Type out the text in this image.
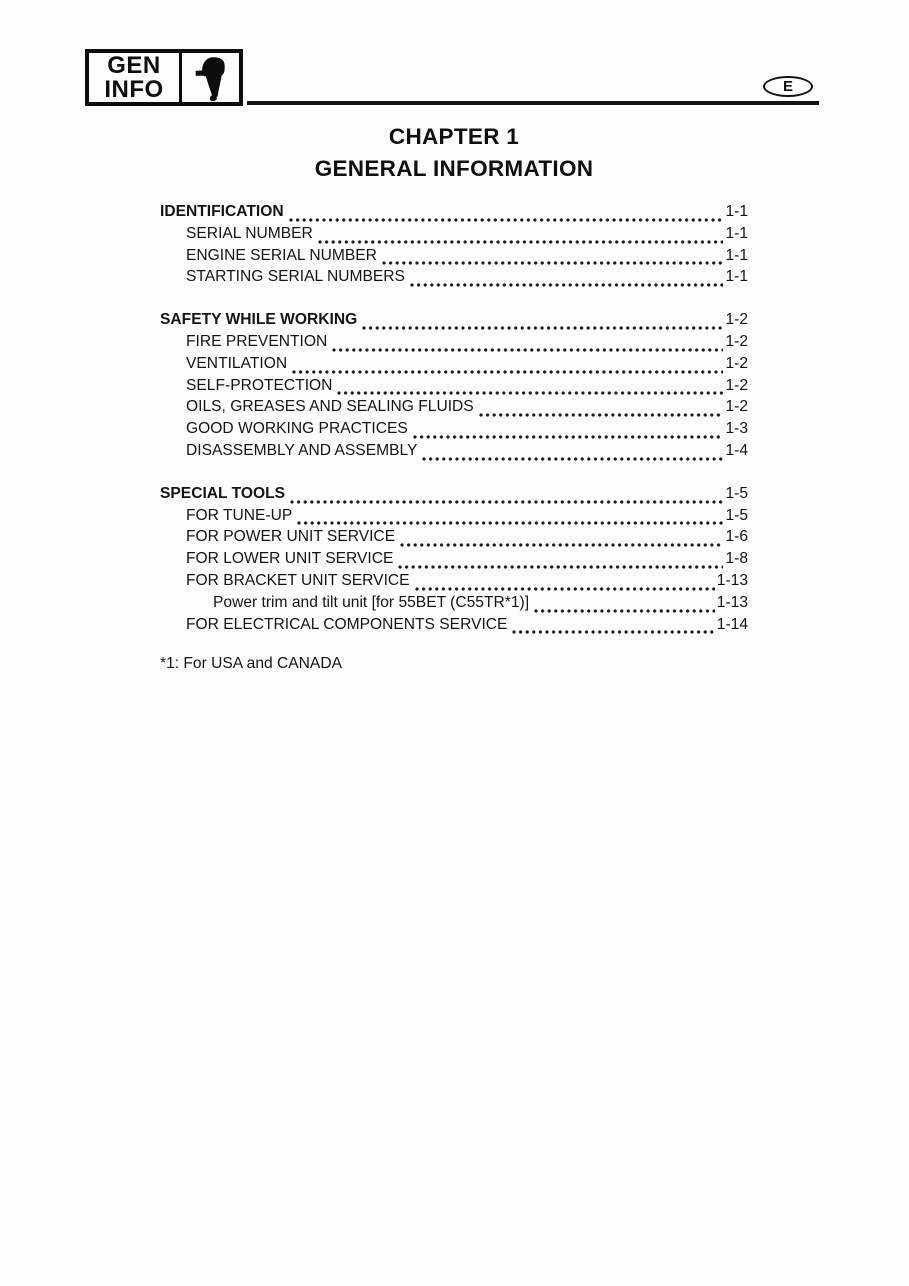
GEN
INFO	E
CHAPTER 1
GENERAL INFORMATION
IDENTIFICATION	1-1
SERIAL NUMBER	1-1
ENGINE SERIAL NUMBER	1-1
STARTING SERIAL NUMBERS	1-1
SAFETY WHILE WORKING	1-2
FIRE PREVENTION	1-2
VENTILATION	1-2
SELF-PROTECTION	1-2
OILS, GREASES AND SEALING FLUIDS	1-2
GOOD WORKING PRACTICES	1-3
DISASSEMBLY AND ASSEMBLY	1-4
SPECIAL TOOLS	1-5
FOR TUNE-UP	1-5
FOR POWER UNIT SERVICE	1-6
FOR LOWER UNIT SERVICE	1-8
FOR BRACKET UNIT SERVICE	1-13
Power trim and tilt unit [for 55BET (C55TR*1)]	1-13
FOR ELECTRICAL COMPONENTS SERVICE	1-14
*1: For USA and CANADA
